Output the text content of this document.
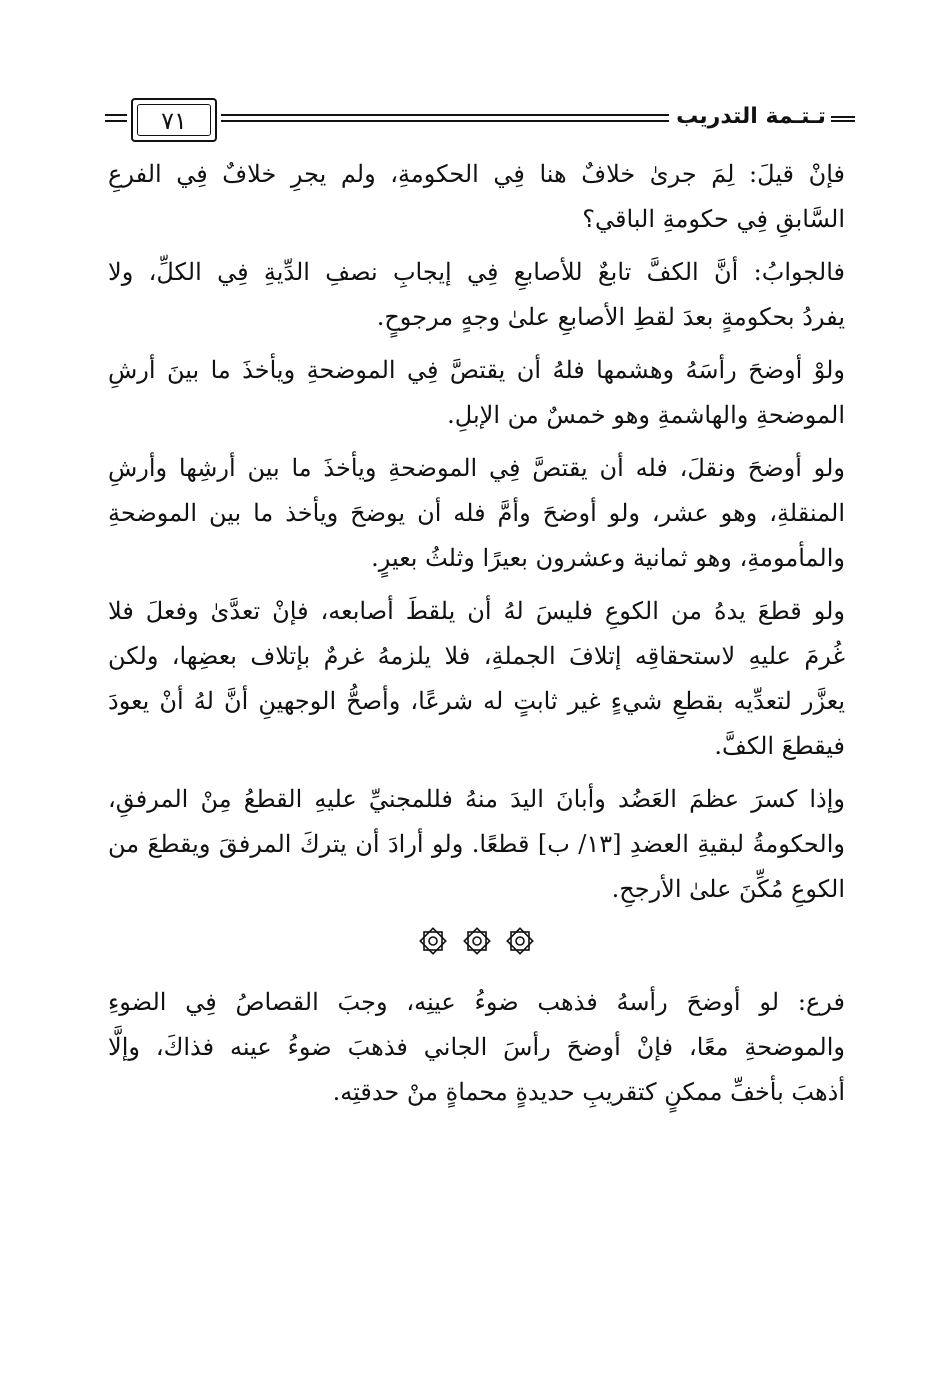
٧١	تـتـمة التدريب

فإنْ قيلَ: لِمَ جرىٰ خلافٌ هنا فِي الحكومةِ، ولم يجرِ خلافٌ فِي الفرعِ
السَّابقِ فِي حكومةِ الباقي؟

فالجوابُ: أنَّ الكفَّ تابعٌ للأصابعِ فِي إيجابِ نصفِ الدِّيةِ فِي الكلِّ، ولا
يفردُ بحكومةٍ بعدَ لقطِ الأصابعِ علىٰ وجهٍ مرجوحٍ.

ولوْ أوضحَ رأسَهُ وهشمها فلهُ أن يقتصَّ فِي الموضحةِ ويأخذَ ما بينَ أرشِ
الموضحةِ والهاشمةِ وهو خمسٌ من الإبلِ.

ولو أوضحَ ونقلَ، فله أن يقتصَّ فِي الموضحةِ ويأخذَ ما بين أرشِها وأرشِ
المنقلةِ، وهو عشر، ولو أوضحَ وأمَّ فله أن يوضحَ ويأخذ ما بين الموضحةِ
والمأمومةِ، وهو ثمانية وعشرون بعيرًا وثلثُ بعيرٍ.

ولو قطعَ يدهُ من الكوعِ فليسَ لهُ أن يلقطَ أصابعه، فإنْ تعدَّىٰ وفعلَ فلا
غُرمَ عليهِ لاستحقاقِه إتلافَ الجملةِ، فلا يلزمهُ غرمٌ بإتلاف بعضِها، ولكن
يعزَّر لتعدِّيه بقطعِ شيءٍ غير ثابتٍ له شرعًا، وأصحُّ الوجهينِ أنَّ لهُ أنْ يعودَ
فيقطعَ الكفَّ.

وإذا كسرَ عظمَ العَضُد وأبانَ اليدَ منهُ فللمجنيِّ عليهِ القطعُ مِنْ المرفقِ،
والحكومةُ لبقيةِ العضدِ [١٣/ ب] قطعًا. ولو أرادَ أن يتركَ المرفقَ ويقطعَ من
الكوعِ مُكِّنَ علىٰ الأرجحِ.

فرع: لو أوضحَ رأسهُ فذهب ضوءُ عينِه، وجبَ القصاصُ فِي الضوءِ
والموضحةِ معًا، فإنْ أوضحَ رأسَ الجاني فذهبَ ضوءُ عينه فذاكَ، وإلَّا
أذهبَ بأخفِّ ممكنٍ كتقريبِ حديدةٍ محماةٍ منْ حدقتِه.
